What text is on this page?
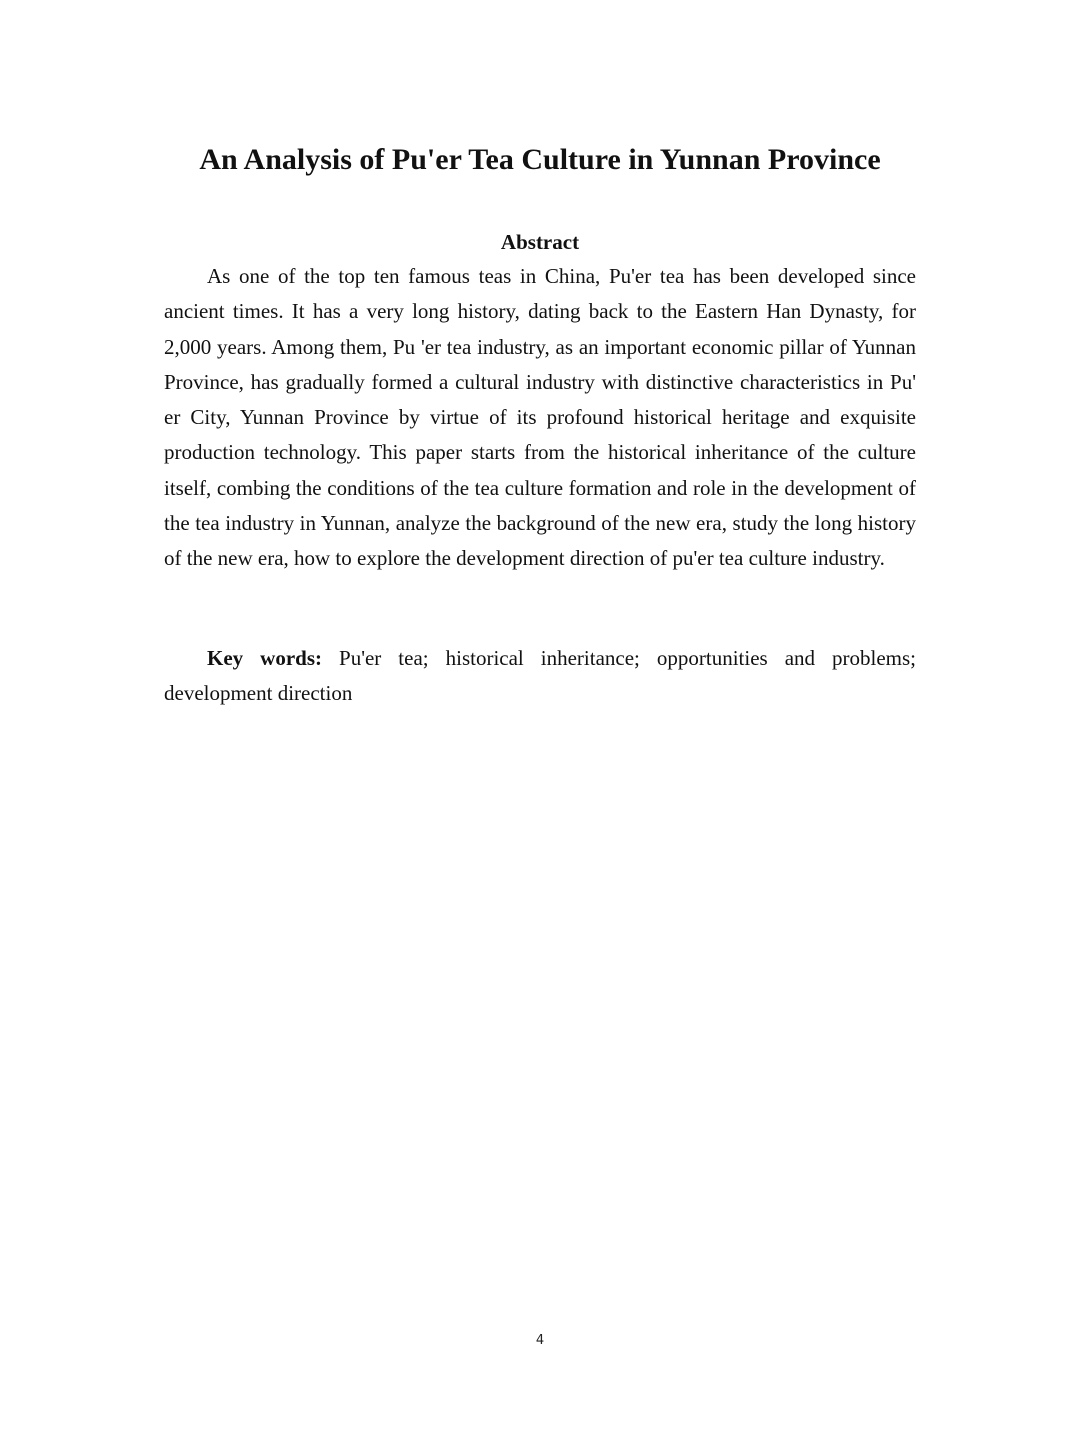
An Analysis of Pu'er Tea Culture in Yunnan Province
Abstract

As one of the top ten famous teas in China, Pu'er tea has been developed since ancient times. It has a very long history, dating back to the Eastern Han Dynasty, for 2,000 years. Among them, Pu 'er tea industry, as an important economic pillar of Yunnan Province, has gradually formed a cultural industry with distinctive characteristics in Pu' er City, Yunnan Province by virtue of its profound historical heritage and exquisite production technology. This paper starts from the historical inheritance of the culture itself, combing the conditions of the tea culture formation and role in the development of the tea industry in Yunnan, analyze the background of the new era, study the long history of the new era, how to explore the development direction of pu'er tea culture industry.

Key words: Pu'er tea; historical inheritance; opportunities and problems; development direction

4
